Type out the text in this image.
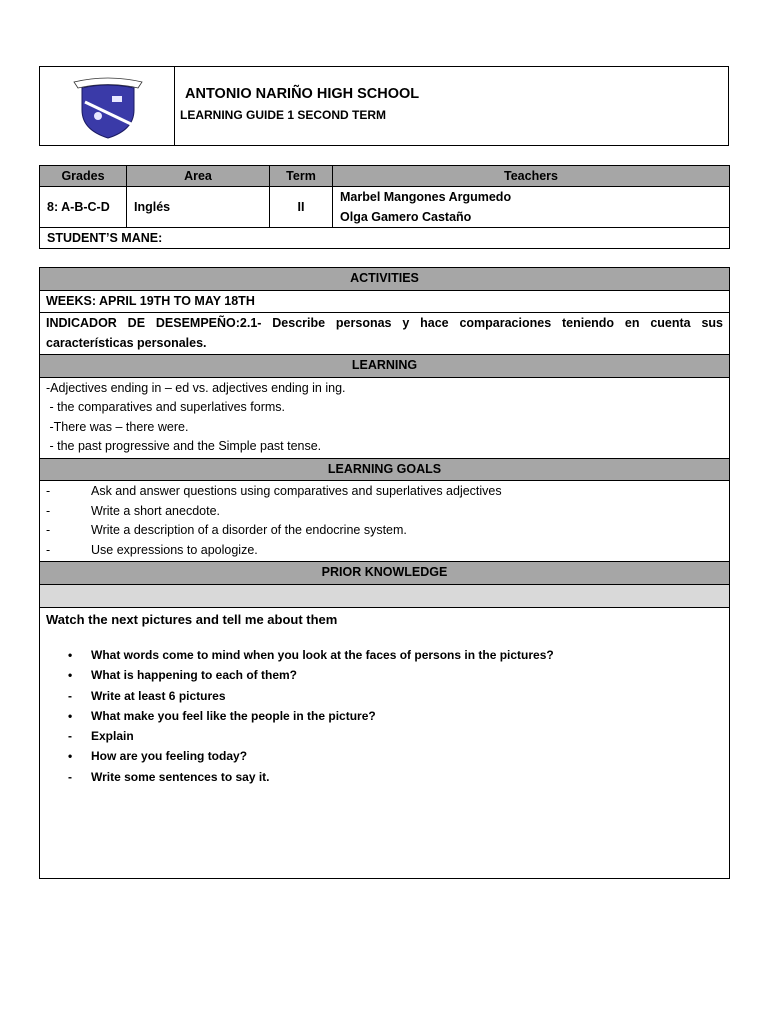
ANTONIO NARIÑO HIGH SCHOOL
LEARNING GUIDE 1 SECOND TERM
Grades	Area	Term	Teachers
8: A-B-C-D	Inglés	II	Marbel Mangones Argumedo
Olga Gamero Castaño

STUDENT’S MANE:			
ACTIVITIES
WEEKS: APRIL 19TH TO MAY 18TH
INDICADOR DE DESEMPEÑO:2.1- Describe personas y hace comparaciones teniendo en cuenta sus características personales.
LEARNING

-Adjectives ending in – ed vs. adjectives ending in ing.
- the comparatives and superlatives forms.
-There was – there were.
- the past progressive and the Simple past tense.

LEARNING GOALS

-	Ask and answer questions using comparatives and superlatives adjectives
-	Write a short anecdote.
-	Write a description of a disorder of the endocrine system.
-	Use expressions to apologize.

PRIOR KNOWLEDGE

Watch the next pictures and tell me about them
•	What words come to mind when you look at the faces of persons in the pictures?
•	What is happening to each of them?
-	Write at least 6 pictures
•	What make you feel like the people in the picture?
-	Explain
•	How are you feeling today?
-	Write some sentences to say it.
